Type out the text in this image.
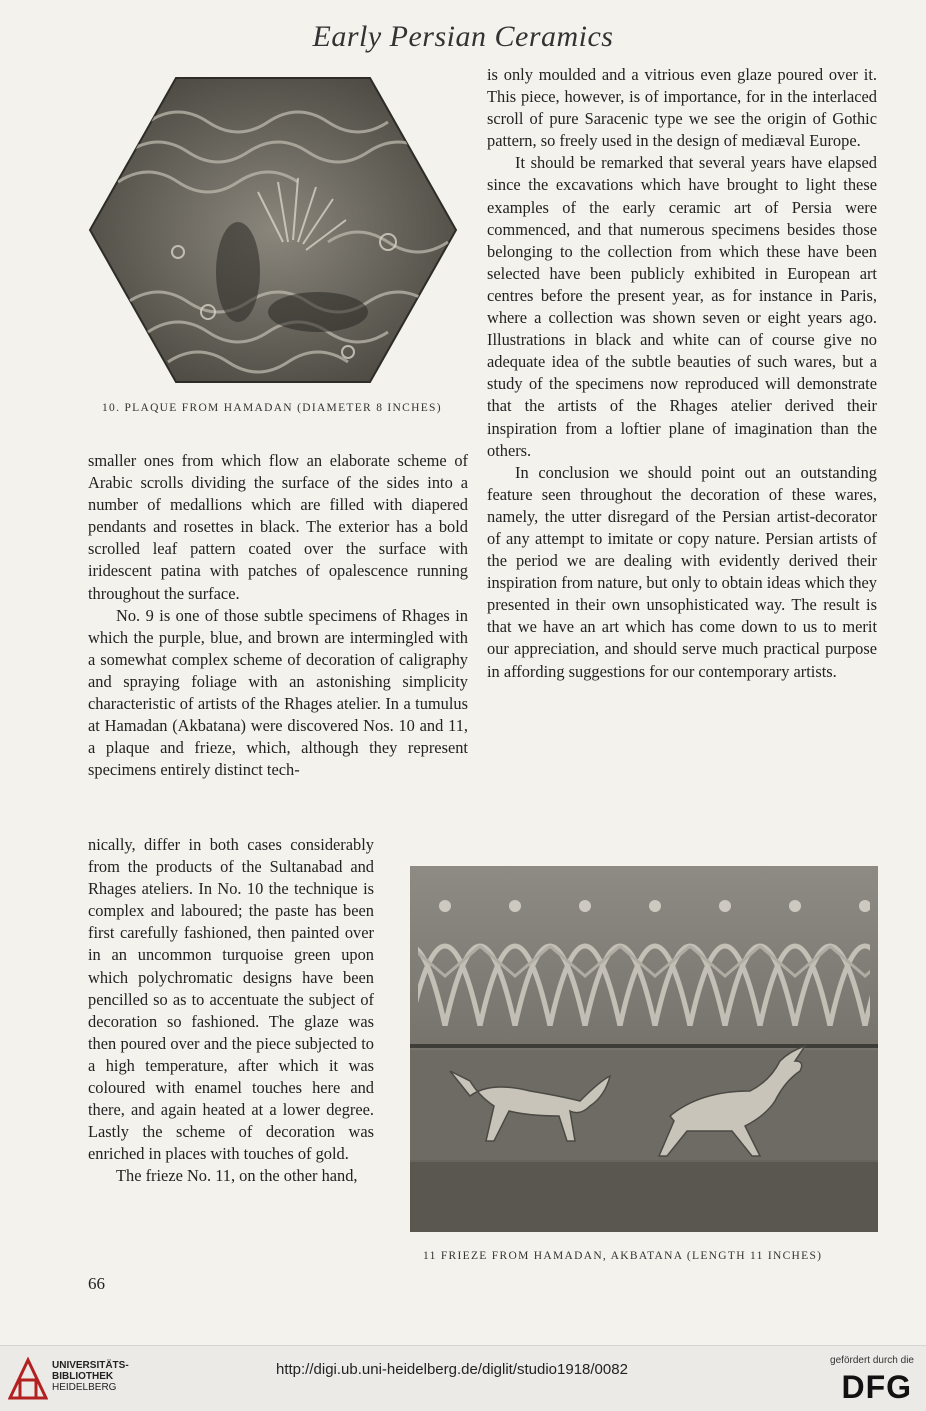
Early Persian Ceramics
10. PLAQUE FROM HAMADAN (DIAMETER 8 INCHES)

smaller ones from which flow an elaborate scheme of Arabic scrolls dividing the surface of the sides into a number of medallions which are filled with diapered pendants and rosettes in black. The exterior has a bold scrolled leaf pattern coated over the surface with iridescent patina with patches of opalescence running throughout the surface.

No. 9 is one of those subtle specimens of Rhages in which the purple, blue, and brown are intermingled with a somewhat complex scheme of decoration of caligraphy and spraying foliage with an astonishing simplicity characteristic of artists of the Rhages atelier. In a tumulus at Hamadan (Akbatana) were discovered Nos. 10 and 11, a plaque and frieze, which, although they represent specimens entirely distinct tech-

nically, differ in both cases considerably from the products of the Sultanabad and Rhages ateliers. In No. 10 the technique is complex and laboured; the paste has been first carefully fashioned, then painted over in an uncommon turquoise green upon which polychromatic designs have been pencilled so as to accentuate the subject of decoration so fashioned. The glaze was then poured over and the piece subjected to a high temperature, after which it was coloured with enamel touches here and there, and again heated at a lower degree. Lastly the scheme of decoration was enriched in places with touches of gold.

The frieze No. 11, on the other hand,

is only moulded and a vitrious even glaze poured over it. This piece, however, is of importance, for in the interlaced scroll of pure Saracenic type we see the origin of Gothic pattern, so freely used in the design of mediæval Europe.

It should be remarked that several years have elapsed since the excavations which have brought to light these examples of the early ceramic art of Persia were commenced, and that numerous specimens besides those belonging to the collection from which these have been selected have been publicly exhibited in European art centres before the present year, as for instance in Paris, where a collection was shown seven or eight years ago. Illustrations in black and white can of course give no adequate idea of the subtle beauties of such wares, but a study of the specimens now reproduced will demonstrate that the artists of the Rhages atelier derived their inspiration from a loftier plane of imagination than the others.

In conclusion we should point out an outstanding feature seen throughout the decoration of these wares, namely, the utter disregard of the Persian artist-decorator of any attempt to imitate or copy nature. Persian artists of the period we are dealing with evidently derived their inspiration from nature, but only to obtain ideas which they presented in their own unsophisticated way. The result is that we have an art which has come down to us to merit our appreciation, and should serve much practical purpose in affording suggestions for our contemporary artists.

11 FRIEZE FROM HAMADAN, AKBATANA (LENGTH 11 INCHES)
66
UNIVERSITÄTS-
BIBLIOTHEK
HEIDELBERG
http://digi.ub.uni-heidelberg.de/diglit/studio1918/0082
gefördert durch die
DFG
